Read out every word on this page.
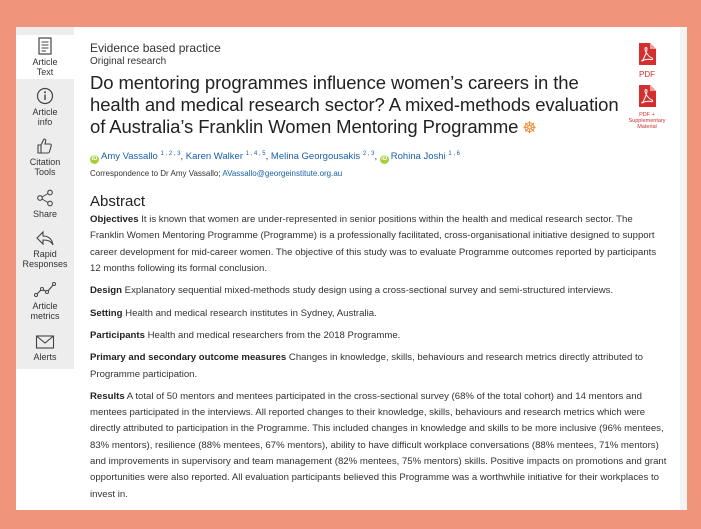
Article
Text
Article
info
Citation
Tools
Share
Rapid
Responses
Article
metrics
Alerts
Evidence based practice
Original research
Do mentoring programmes influence women’s careers in the health and medical research sector? A mixed-methods evaluation of Australia’s Franklin Women Mentoring Programme ☸
iD Amy Vassallo $^{1 , 2 , 3}$, Karen Walker $^{1 , 4 , 5}$, Melina Georgousakis $^{2 , 3}$, iD Rohina Joshi $^{1 , 6}$
Correspondence to Dr Amy Vassallo; AVassallo@georgeinstitute.org.au
Abstract

Objectives It is known that women are under-represented in senior positions within the health and medical research sector. The Franklin Women Mentoring Programme (Programme) is a professionally facilitated, cross-organisational initiative designed to support career development for mid-career women. The objective of this study was to evaluate Programme outcomes reported by participants 12 months following its formal conclusion.

Design Explanatory sequential mixed-methods study design using a cross-sectional survey and semi-structured interviews.

Setting Health and medical research institutes in Sydney, Australia.

Participants Health and medical researchers from the 2018 Programme.

Primary and secondary outcome measures Changes in knowledge, skills, behaviours and research metrics directly attributed to Programme participation.

Results A total of 50 mentors and mentees participated in the cross-sectional survey (68% of the total cohort) and 14 mentors and mentees participated in the interviews. All reported changes to their knowledge, skills, behaviours and research metrics which were directly attributed to participation in the Programme. This included changes in knowledge and skills to be more inclusive (96% mentees, 83% mentors), resilience (88% mentees, 67% mentors), ability to have difficult workplace conversations (88% mentees, 71% mentors) and improvements in supervisory and team management (82% mentees, 75% mentors) skills. Positive impacts on promotions and grant opportunities were also reported. All evaluation participants believed this Programme was a worthwhile initiative for their workplaces to invest in.

PDF
PDF +
Supplementary
Material
